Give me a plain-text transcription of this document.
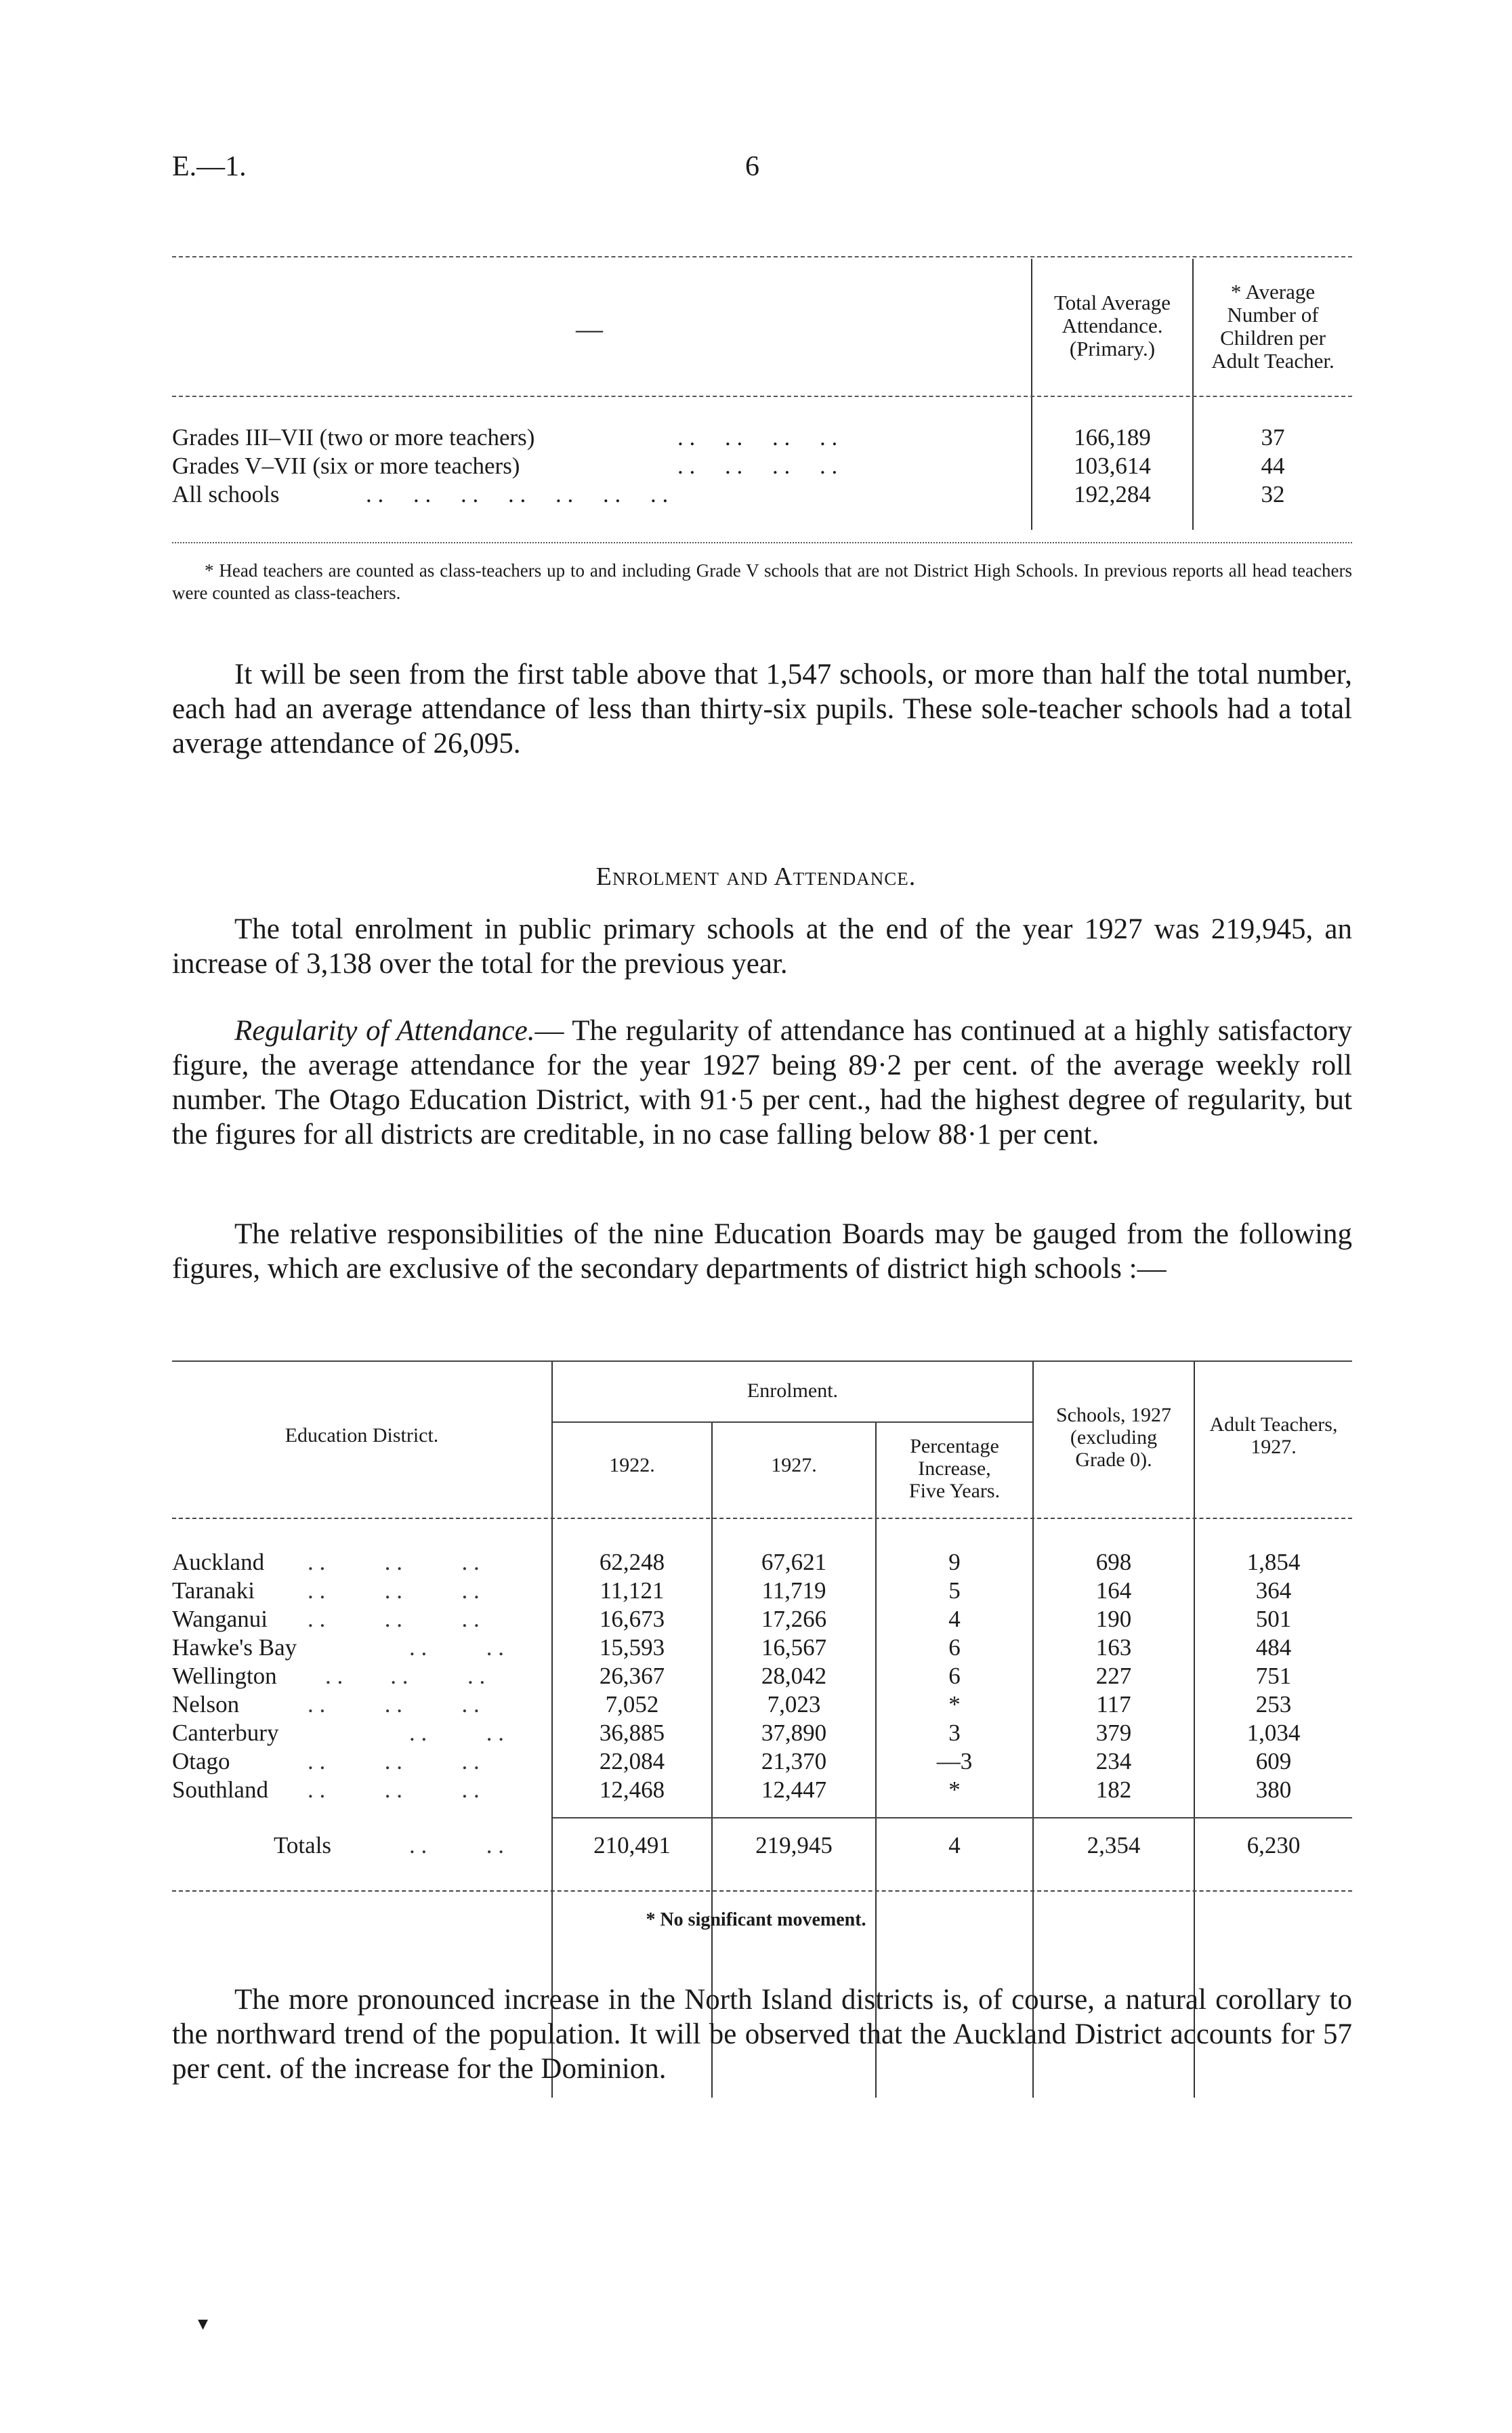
E.—1.	6
—
Total Average
Attendance.
(Primary.)
* Average
Number of
Children per
Adult Teacher.
Grades III–VII (two or more teachers)	. .     . .     . .     . .	166,189	37
Grades V–VII (six or more teachers)	. .     . .     . .     . .	103,614	44
All schools	. .     . .     . .     . .     . .     . .     . .	192,284	32
* Head teachers are counted as class-teachers up to and including Grade V schools that are not District High Schools. In previous reports all head teachers were counted as class-teachers.
It will be seen from the first table above that 1,547 schools, or more than half the total number, each had an average attendance of less than thirty-six pupils. These sole-teacher schools had a total average attendance of 26,095.
Enrolment and Attendance.
The total enrolment in public primary schools at the end of the year 1927 was 219,945, an increase of 3,138 over the total for the previous year.
Regularity of Attendance.— The regularity of attendance has continued at a highly satisfactory figure, the average attendance for the year 1927 being 89·2 per cent. of the average weekly roll number. The Otago Education District, with 91·5 per cent., had the highest degree of regularity, but the figures for all districts are creditable, in no case falling below 88·1 per cent.
The relative responsibilities of the nine Education Boards may be gauged from the following figures, which are exclusive of the secondary departments of district high schools :—
Education District.
Enrolment.
1922.	1927.
Percentage
Increase,
Five Years.
Schools, 1927
(excluding
Grade 0).
Adult Teachers,
1927.
Auckland . .          . .          . .	62,248	67,621	9	698	1,854
Taranaki . .          . .          . .	11,121	11,719	5	164	364
Wanganui . .          . .          . .	16,673	17,266	4	190	501
Hawke's Bay	. .          . .	15,593	16,567	6	163	484
Wellington . .        . .          . .	26,367	28,042	6	227	751
Nelson	. .          . .          . .	7,052	7,023	*	117	253
Canterbury	. .          . .	36,885	37,890	3	379	1,034
Otago	. .          . .          . .	22,084	21,370	—3	234	609
Southland . .          . .          . .	12,468	12,447	*	182	380
Totals	. .          . .	210,491	219,945	4	2,354	6,230
* No significant movement.
The more pronounced increase in the North Island districts is, of course, a natural corollary to the northward trend of the population. It will be observed that the Auckland District accounts for 57 per cent. of the increase for the Dominion.
▾
